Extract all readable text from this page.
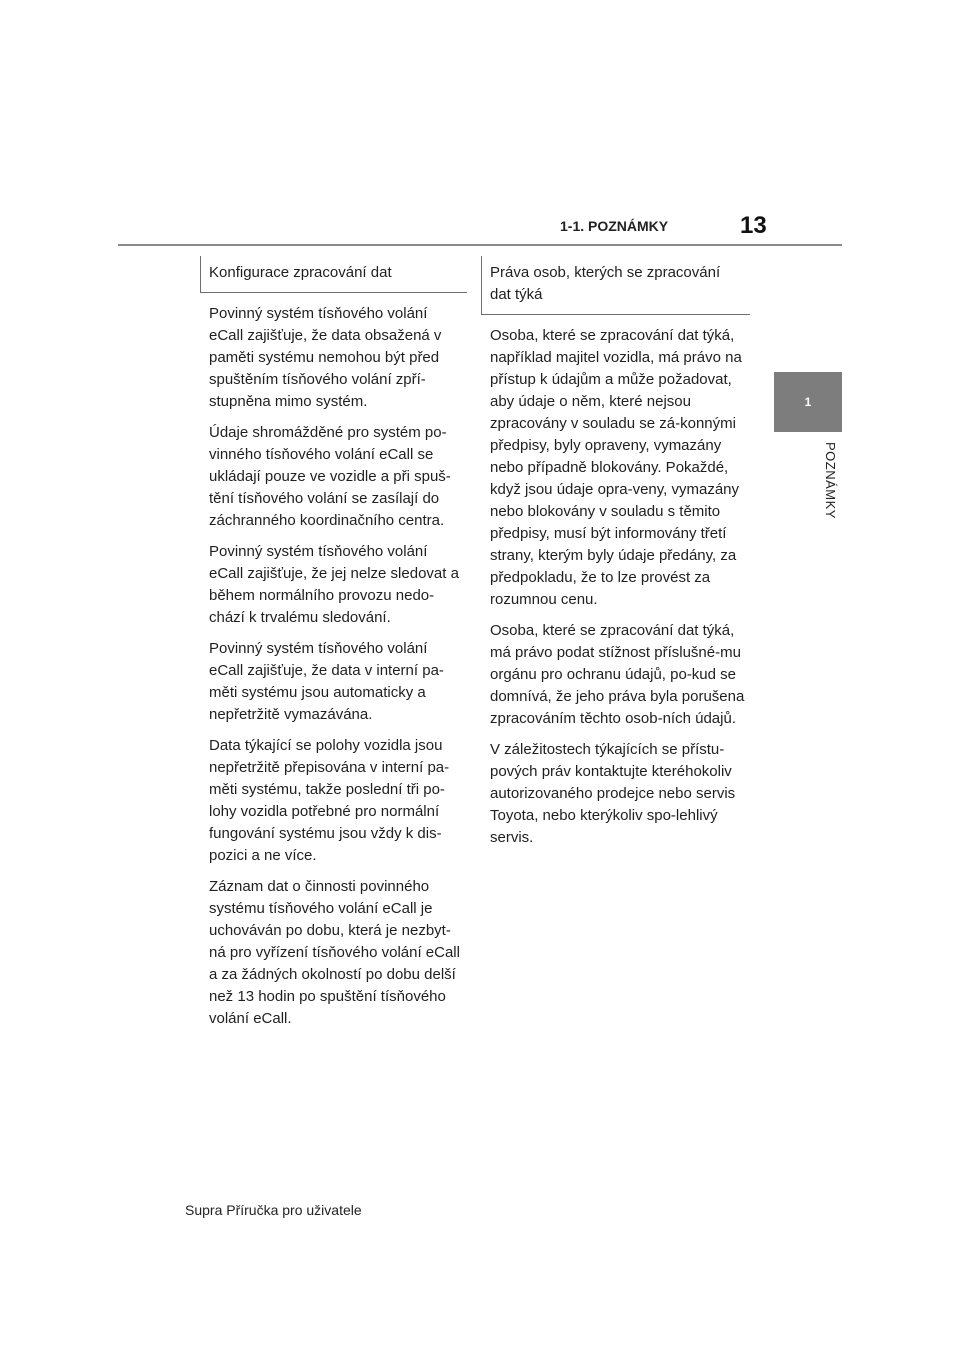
1-1. POZNÁMKY	13
1
POZNÁMKY
Konfigurace zpracování dat

Povinný systém tísňového volání eCall zajišťuje, že data obsažená v paměti systému nemohou být před spuštěním tísňového volání zpří-stupněna mimo systém.

Údaje shromážděné pro systém po-vinného tísňového volání eCall se ukládají pouze ve vozidle a při spuš-tění tísňového volání se zasílají do záchranného koordinačního centra.

Povinný systém tísňového volání eCall zajišťuje, že jej nelze sledovat a během normálního provozu nedo-chází k trvalému sledování.

Povinný systém tísňového volání eCall zajišťuje, že data v interní pa-měti systému jsou automaticky a nepřetržitě vymazávána.

Data týkající se polohy vozidla jsou nepřetržitě přepisována v interní pa-měti systému, takže poslední tři po-lohy vozidla potřebné pro normální fungování systému jsou vždy k dis-pozici a ne více.

Záznam dat o činnosti povinného systému tísňového volání eCall je uchováván po dobu, která je nezbyt-ná pro vyřízení tísňového volání eCall a za žádných okolností po dobu delší než 13 hodin po spuštění tísňového volání eCall.

Práva osob, kterých se zpracování dat týká

Osoba, které se zpracování dat týká, například majitel vozidla, má právo na přístup k údajům a může požadovat, aby údaje o něm, které nejsou zpracovány v souladu se zá-konnými předpisy, byly opraveny, vymazány nebo případně blokovány. Pokaždé, když jsou údaje opra-veny, vymazány nebo blokovány v souladu s těmito předpisy, musí být informovány třetí strany, kterým byly údaje předány, za předpokladu, že to lze provést za rozumnou cenu.

Osoba, které se zpracování dat týká, má právo podat stížnost příslušné-mu orgánu pro ochranu údajů, po-kud se domnívá, že jeho práva byla porušena zpracováním těchto osob-ních údajů.

V záležitostech týkajících se přístu-pových práv kontaktujte kteréhokoliv autorizovaného prodejce nebo servis Toyota, nebo kterýkoliv spo-lehlivý servis.

Supra Příručka pro uživatele
